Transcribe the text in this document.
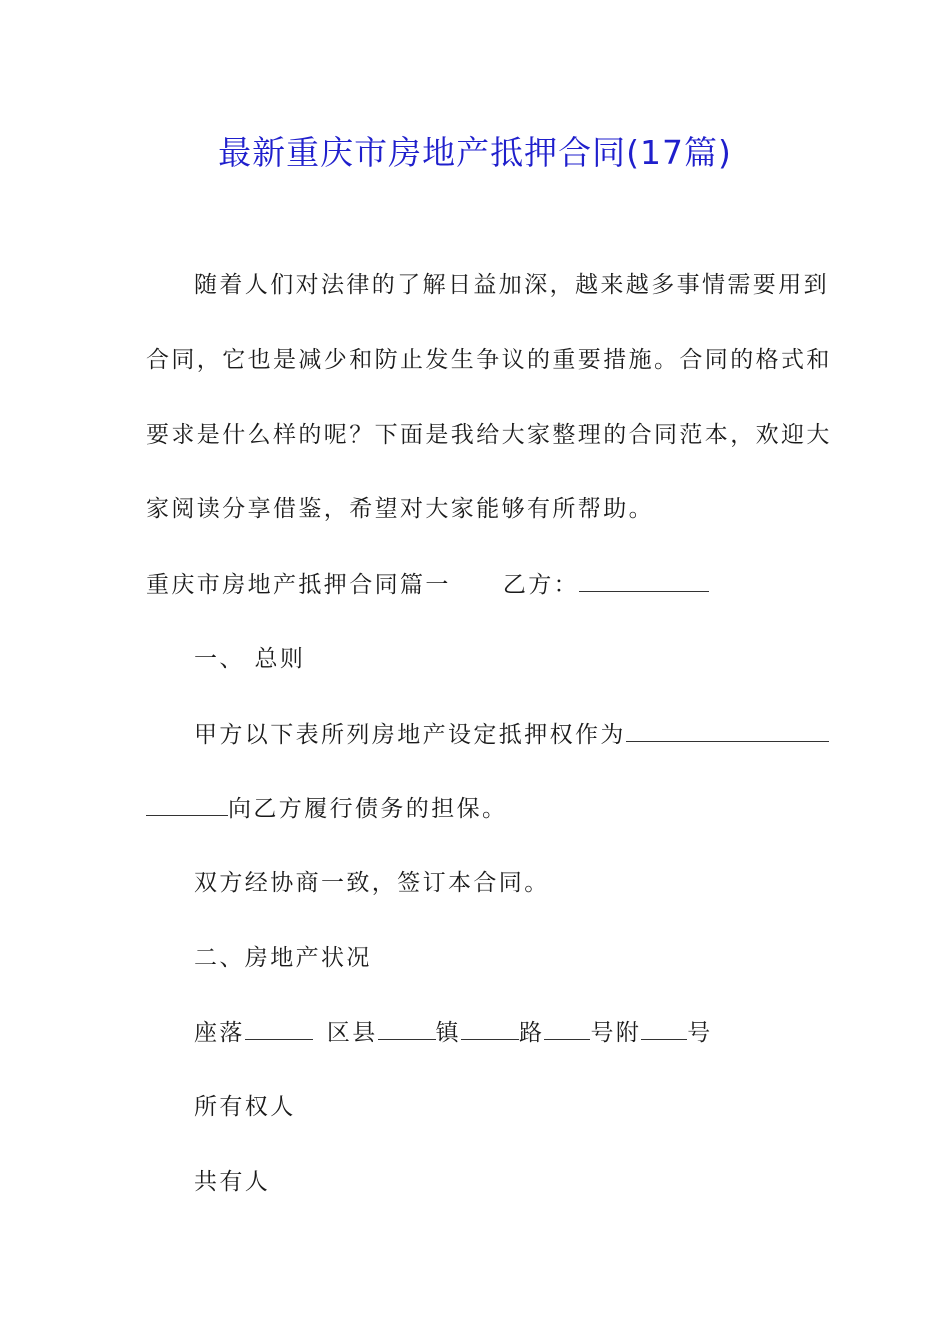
最新重庆市房地产抵押合同(17篇)
随着人们对法律的了解日益加深，越来越多事情需要用到
合同，它也是减少和防止发生争议的重要措施。合同的格式和
要求是什么样的呢？下面是我给大家整理的合同范本，欢迎大
家阅读分享借鉴，希望对大家能够有所帮助。
重庆市房地产抵押合同篇一 乙方：
一、 总则
甲方以下表所列房地产设定抵押权作为
向乙方履行债务的担保。
双方经协商一致，签订本合同。
二、房地产状况
座落	区县	镇	路 号附 号
所有权人
共有人
